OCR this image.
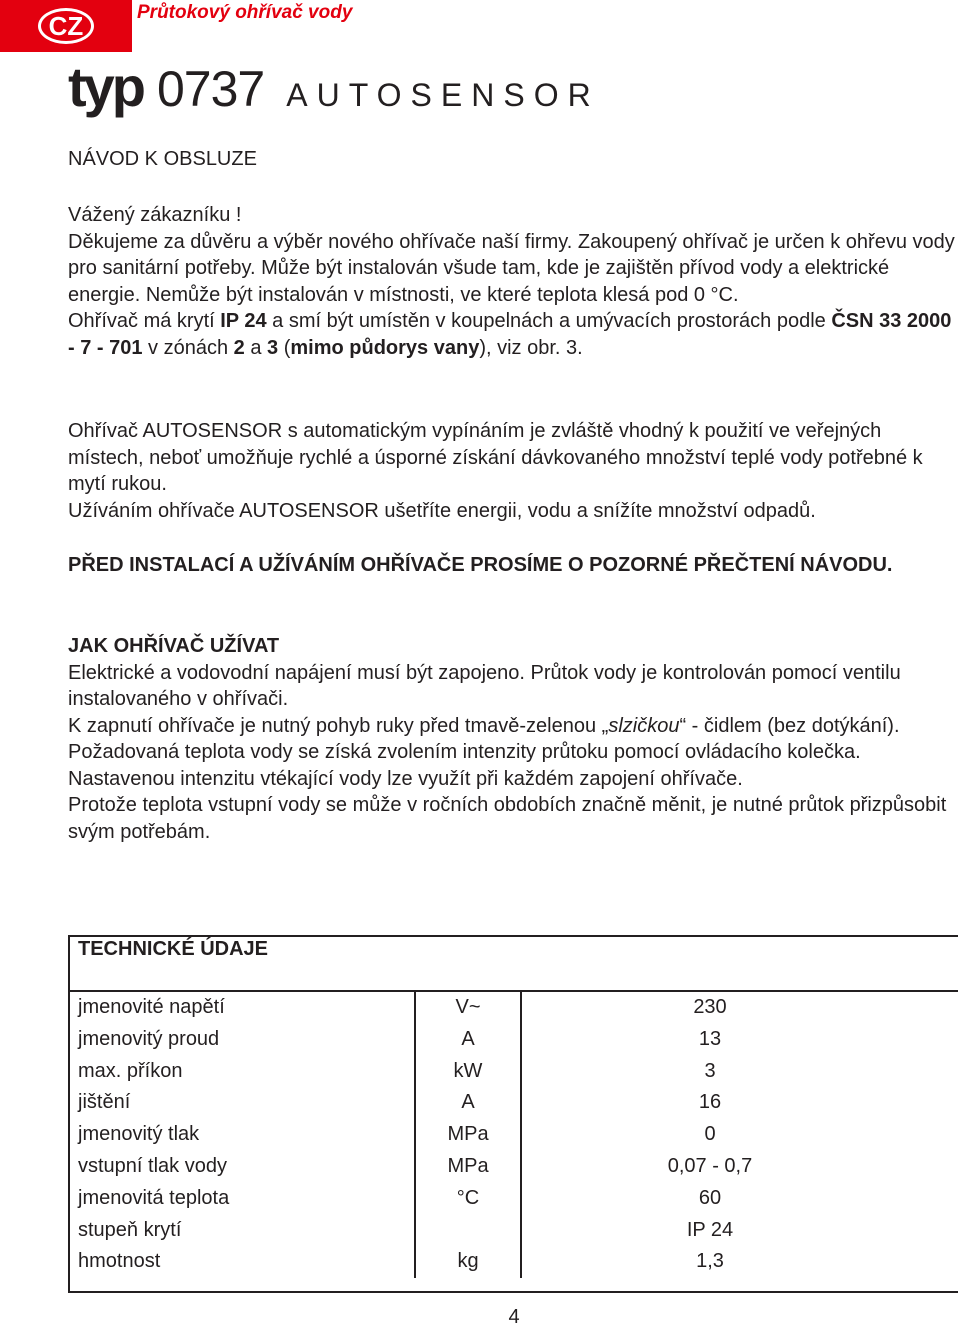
CZ	Průtokový ohřívač vody
typ 0737 AUTOSENSOR

NÁVOD K OBSLUZE

Vážený zákazníku !

Děkujeme za důvěru a výběr nového ohřívače naší firmy. Zakoupený ohřívač je určen k ohřevu vody pro sanitární potřeby. Může být instalován všude tam, kde je zajištěn přívod vody a elektrické energie. Nemůže být instalován v místnosti, ve které teplota klesá pod 0 °C.

Ohřívač má krytí IP 24 a smí být umístěn v koupelnách a umývacích prostorách podle ČSN 33 2000 - 7 - 701 v zónách 2 a 3 (mimo půdorys vany), viz obr. 3.

Ohřívač AUTOSENSOR s automatickým vypínáním je zvláště vhodný k použití ve veřejných místech, neboť umožňuje rychlé a úsporné získání dávkovaného množství teplé vody potřebné k mytí rukou.

Užíváním ohřívače AUTOSENSOR ušetříte energii, vodu a snížíte množství odpadů.

PŘED INSTALACÍ A UŽÍVÁNÍM OHŘÍVAČE PROSÍME O POZORNÉ PŘEČTENÍ NÁVODU.

JAK OHŘÍVAČ UŽÍVAT

Elektrické a vodovodní napájení musí být zapojeno. Průtok vody je kontrolován pomocí ventilu instalovaného v ohřívači.

K zapnutí ohřívače je nutný pohyb ruky před tmavě-zelenou „slzičkou“ - čidlem (bez dotýkání).

Požadovaná teplota vody se získá zvolením intenzity průtoku pomocí ovládacího kolečka.

Nastavenou intenzitu vtékající vody lze využít při každém zapojení ohřívače.

Protože teplota vstupní vody se může v ročních obdobích značně měnit, je nutné průtok přizpůsobit svým potřebám.

TECHNICKÉ ÚDAJE
jmenovité napětí	V~	230
jmenovitý proud	A	13
max. příkon	kW	3
jištění	A	16
jmenovitý tlak	MPa	0
vstupní tlak vody	MPa	0,07 - 0,7
jmenovitá teplota	°C	60
stupeň krytí		IP 24
hmotnost	kg	1,3
4
